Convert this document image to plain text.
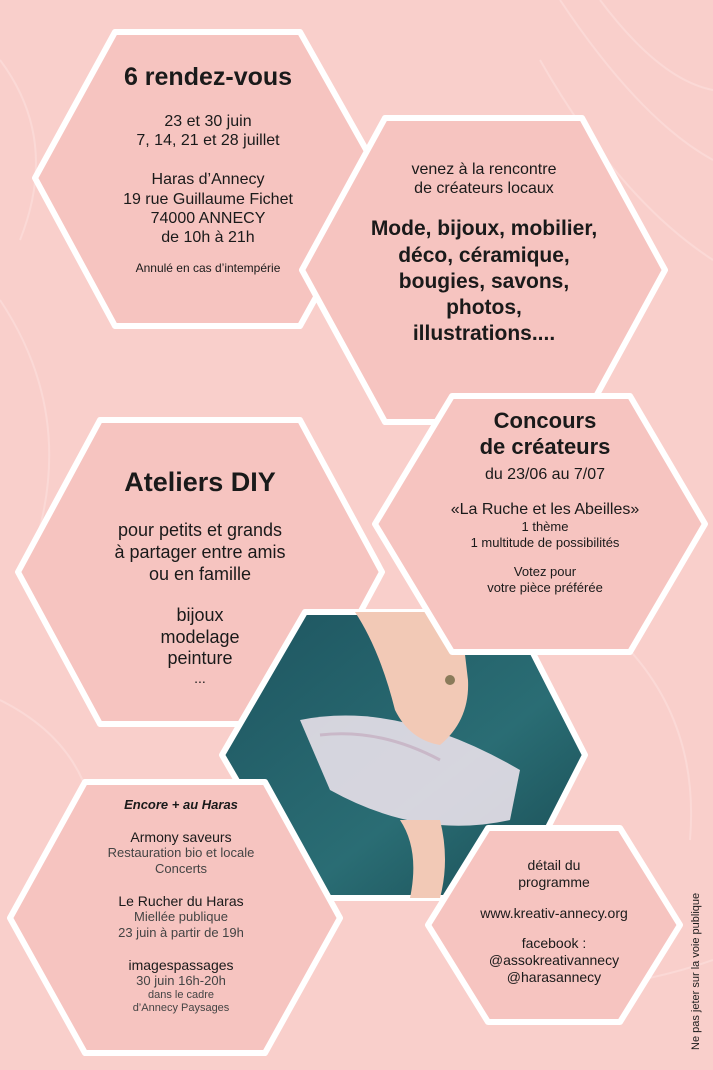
6 rendez-vous
23 et 30 juin
7, 14, 21 et 28 juillet
Haras d’Annecy
19 rue Guillaume Fichet
74000 ANNECY
de 10h à 21h
Annulé en cas d’intempérie
venez à la rencontre
de créateurs locaux
Mode, bijoux, mobilier,
déco, céramique,
bougies, savons,
photos,
illustrations....
Ateliers DIY
pour petits et grands
à partager entre amis
ou en famille
bijoux
modelage
peinture
...
Concours
de créateurs
du 23/06 au 7/07
«La Ruche et les Abeilles»
1 thème
1 multitude de possibilités
Votez pour
votre pièce préférée
Encore + au Haras
Armony saveurs
Restauration bio et locale
Concerts
Le Rucher du Haras
Miellée publique
23 juin à partir de 19h
imagespassages
30 juin 16h-20h
dans le cadre
d’Annecy Paysages
détail du
programme
www.kreativ-annecy.org
facebook :
@assokreativannecy
@harasannecy	Ne pas jeter sur la voie publique
